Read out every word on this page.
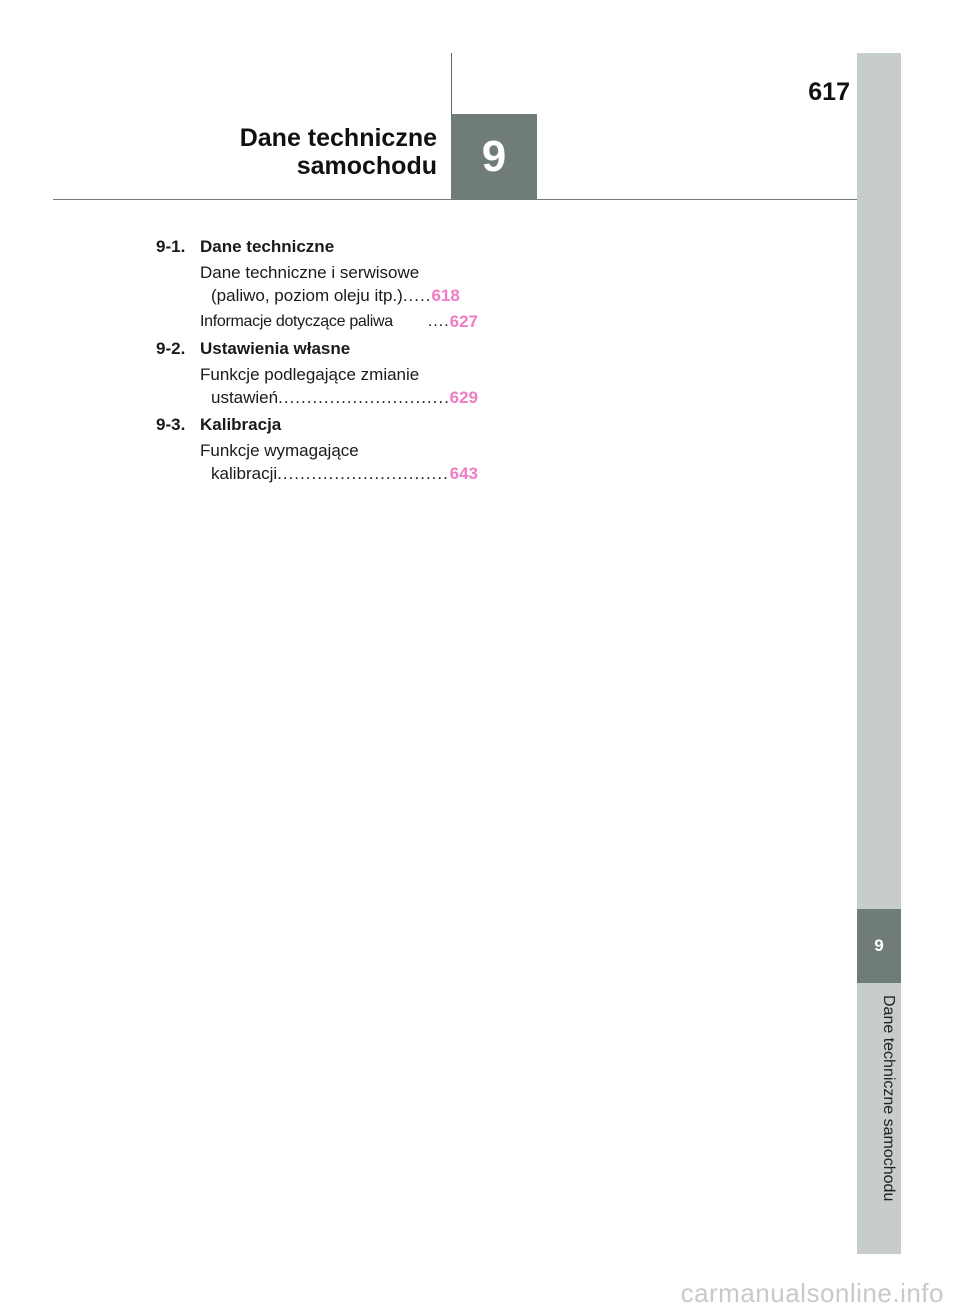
617
Dane techniczne
samochodu	9
9
Dane techniczne samochodu
9-1. Dane techniczne
Dane techniczne i serwisowe
(paliwo, poziom oleju itp.) ..... 618
Informacje dotyczące paliwa	.... 627
9-2. Ustawienia własne
Funkcje podlegające zmianie
ustawień .............................. 629
9-3. Kalibracja
Funkcje wymagające
kalibracji .............................. 643
carmanualsonline.info
